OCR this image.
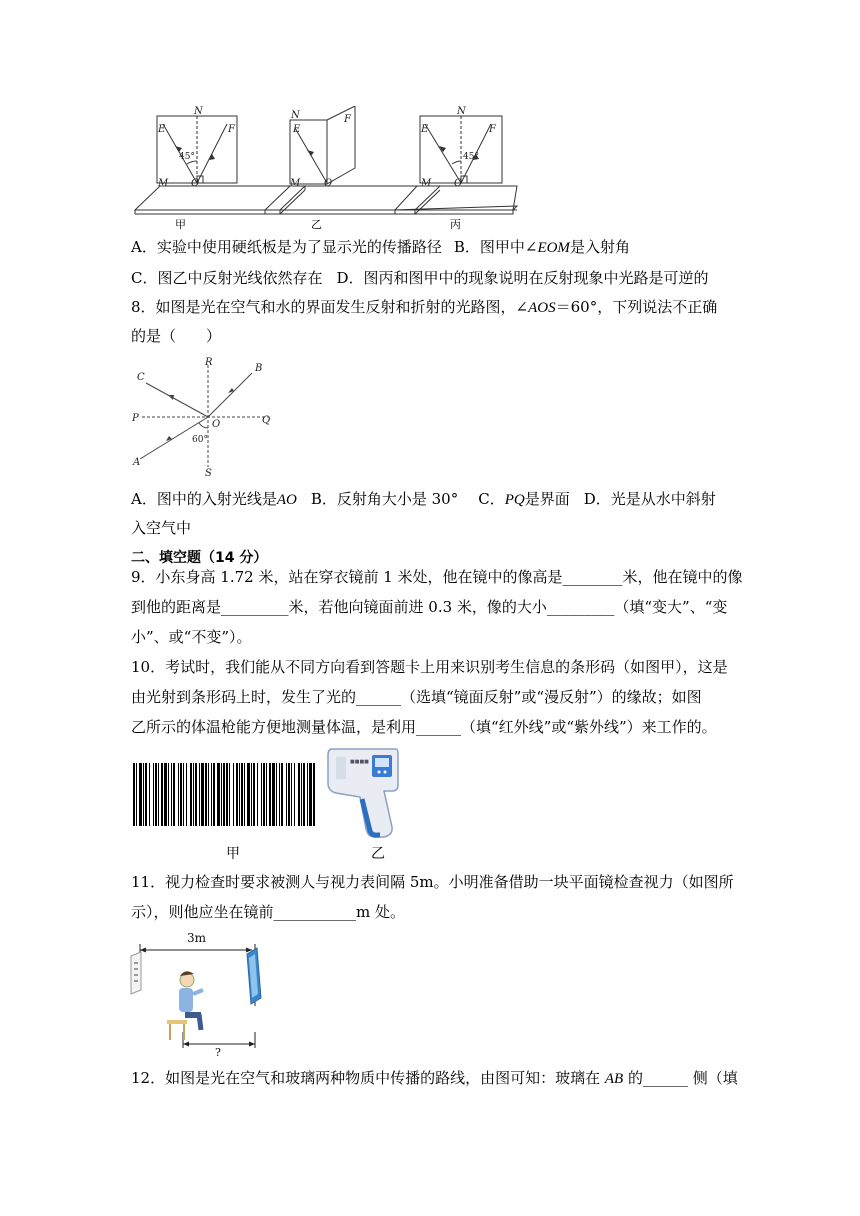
N
E	F
M O
N
E
F
M O
N
E	F
M O
45°	45°
甲	乙	丙
A．实验中使用硬纸板是为了显示光的传播路径 B．图甲中∠EOM是入射角
C．图乙中反射光线依然存在 D．图丙和图甲中的现象说明在反射现象中光路是可逆的
8．如图是光在空气和水的界面发生反射和折射的光路图，∠AOS＝60°，下列说法不正确
的是（　　）
R
B
C
P
O	Q
A
S
60°
A．图中的入射光线是AO B．反射角大小是 30° C．PQ是界面 D．光是从水中斜射
入空气中
二、填空题（14 分）
9．小东身高 1.72 米，站在穿衣镜前 1 米处，他在镜中的像高是________米，他在镜中的像
到他的距离是_________米，若他向镜面前进 0.3 米，像的大小_________（填“变大”、“变
小”、或“不变”）。
10．考试时，我们能从不同方向看到答题卡上用来识别考生信息的条形码（如图甲），这是
由光射到条形码上时，发生了光的______（选填“镜面反射”或“漫反射”）的缘故；如图
乙所示的体温枪能方便地测量体温，是利用______（填“红外线”或“紫外线”）来工作的。
甲
■■■■
乙
11．视力检查时要求被测人与视力表间隔 5m。小明准备借助一块平面镜检查视力（如图所
示），则他应坐在镜前___________m 处。
3m
?
12．如图是光在空气和玻璃两种物质中传播的路线，由图可知：玻璃在 AB 的______ 侧（填
